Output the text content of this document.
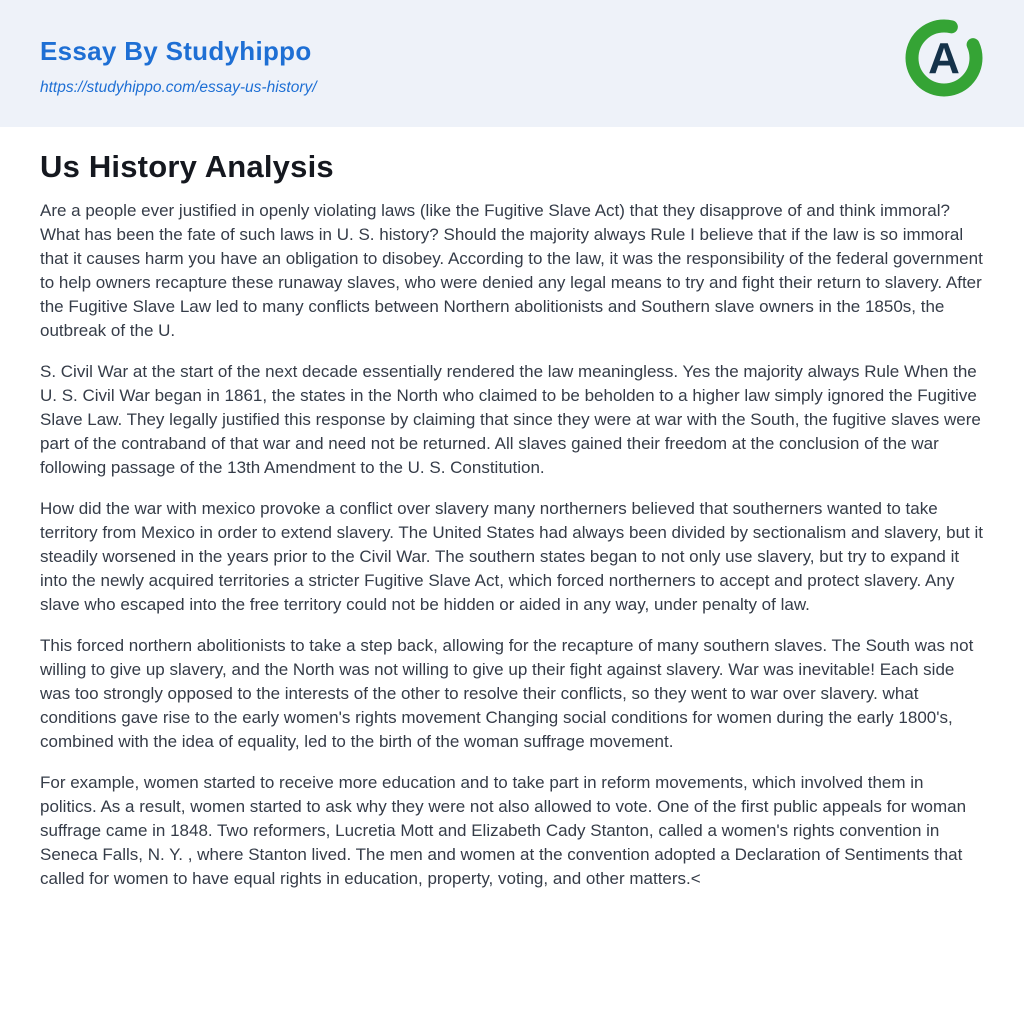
Essay By Studyhippo
https://studyhippo.com/essay-us-history/
A
Us History Analysis

Are a people ever justified in openly violating laws (like the Fugitive Slave Act) that they disapprove of and think immoral? What has been the fate of such laws in U. S. history? Should the majority always Rule I believe that if the law is so immoral that it causes harm you have an obligation to disobey. According to the law, it was the responsibility of the federal government to help owners recapture these runaway slaves, who were denied any legal means to try and fight their return to slavery. After the Fugitive Slave Law led to many conflicts between Northern abolitionists and Southern slave owners in the 1850s, the outbreak of the U.

S. Civil War at the start of the next decade essentially rendered the law meaningless. Yes the majority always Rule When the U. S. Civil War began in 1861, the states in the North who claimed to be beholden to a higher law simply ignored the Fugitive Slave Law. They legally justified this response by claiming that since they were at war with the South, the fugitive slaves were part of the contraband of that war and need not be returned. All slaves gained their freedom at the conclusion of the war following passage of the 13th Amendment to the U. S. Constitution.

How did the war with mexico provoke a conflict over slavery many northerners believed that southerners wanted to take territory from Mexico in order to extend slavery. The United States had always been divided by sectionalism and slavery, but it steadily worsened in the years prior to the Civil War. The southern states began to not only use slavery, but try to expand it into the newly acquired territories a stricter Fugitive Slave Act, which forced northerners to accept and protect slavery. Any slave who escaped into the free territory could not be hidden or aided in any way, under penalty of law.

This forced northern abolitionists to take a step back, allowing for the recapture of many southern slaves. The South was not willing to give up slavery, and the North was not willing to give up their fight against slavery. War was inevitable! Each side was too strongly opposed to the interests of the other to resolve their conflicts, so they went to war over slavery. what conditions gave rise to the early women's rights movement Changing social conditions for women during the early 1800's, combined with the idea of equality, led to the birth of the woman suffrage movement.

For example, women started to receive more education and to take part in reform movements, which involved them in politics. As a result, women started to ask why they were not also allowed to vote. One of the first public appeals for woman suffrage came in 1848. Two reformers, Lucretia Mott and Elizabeth Cady Stanton, called a women's rights convention in Seneca Falls, N. Y. , where Stanton lived. The men and women at the convention adopted a Declaration of Sentiments that called for women to have equal rights in education, property, voting, and other matters.<
